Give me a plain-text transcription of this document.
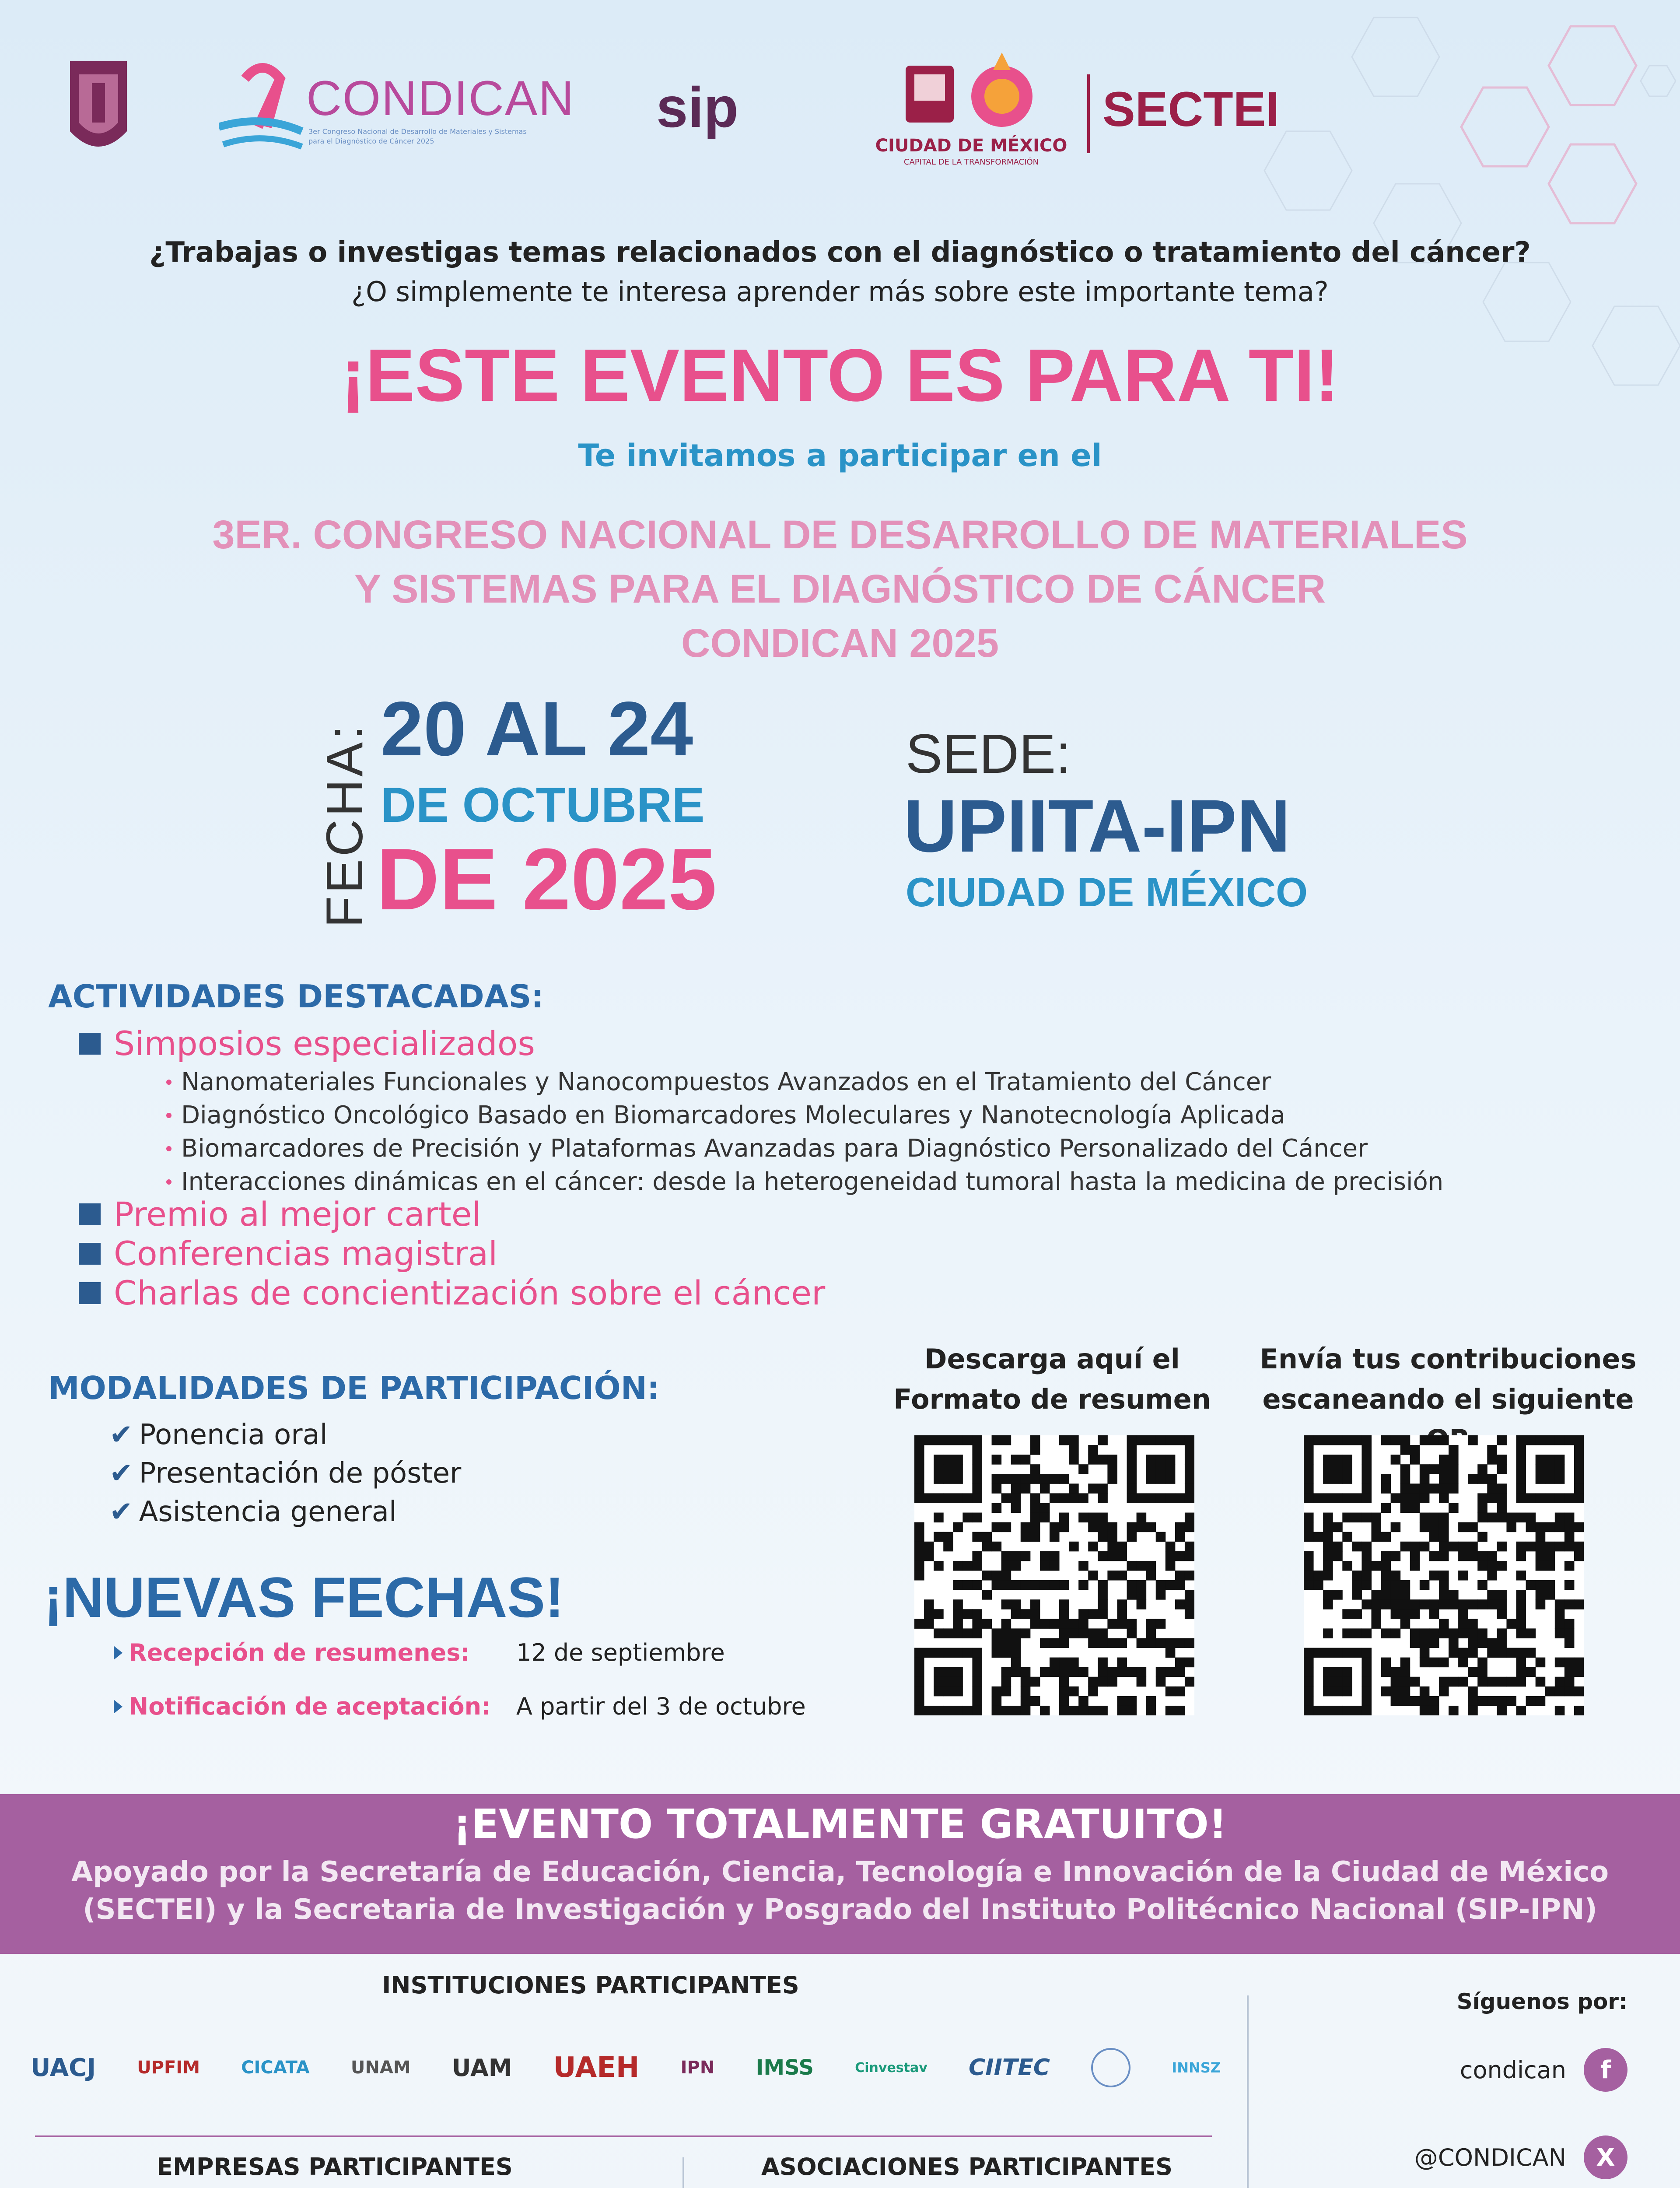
CONDICAN
3er Congreso Nacional de Desarrollo de Materiales y Sistemas para el Diagnóstico de Cáncer 2025
sip
CIUDAD DE MÉXICO
CAPITAL DE LA TRANSFORMACIÓN
SECTEI
¿Trabajas o investigas temas relacionados con el diagnóstico o tratamiento del cáncer?
¿O simplemente te interesa aprender más sobre este importante tema?
¡ESTE EVENTO ES PARA TI!
Te invitamos a participar en el
3ER. CONGRESO NACIONAL DE DESARROLLO DE MATERIALES
Y SISTEMAS PARA EL DIAGNÓSTICO DE CÁNCER
CONDICAN 2025
FECHA: 20 AL 24
DE OCTUBRE
DE 2025
SEDE:
UPIITA-IPN
CIUDAD DE MÉXICO
ACTIVIDADES DESTACADAS:
Simposios especializados
Nanomateriales Funcionales y Nanocompuestos Avanzados en el Tratamiento del Cáncer
Diagnóstico Oncológico Basado en Biomarcadores Moleculares y Nanotecnología Aplicada
Biomarcadores de Precisión y Plataformas Avanzadas para Diagnóstico Personalizado del Cáncer
Interacciones dinámicas en el cáncer: desde la heterogeneidad tumoral hasta la medicina de precisión
Premio al mejor cartel
Conferencias magistral
Charlas de concientización sobre el cáncer
MODALIDADES DE PARTICIPACIÓN:
✔ Ponencia oral
✔ Presentación de póster
✔ Asistencia general
¡NUEVAS FECHAS!
Recepción de resumenes: 12 de septiembre
Notificación de aceptación: A partir del 3 de octubre
Descarga aquí el
Formato de resumen
Envía tus contribuciones
escaneando el siguiente
¡EVENTO TOTALMENTE GRATUITO!
Apoyado por la Secretaría de Educación, Ciencia, Tecnología e Innovación de la Ciudad de México
(SECTEI) y la Secretaria de Investigación y Posgrado del Instituto Politécnico Nacional (SIP-IPN)
INSTITUCIONES PARTICIPANTES
UACJ UPFIM CICATA UNAM UAM UAEH IPN IMSS	Cinvestav CIITEC	INNSZ
EMPRESAS PARTICIPANTES	ASOCIACIONES PARTICIPANTES
Síguenos por:
condican	f
@CONDICAN	X
